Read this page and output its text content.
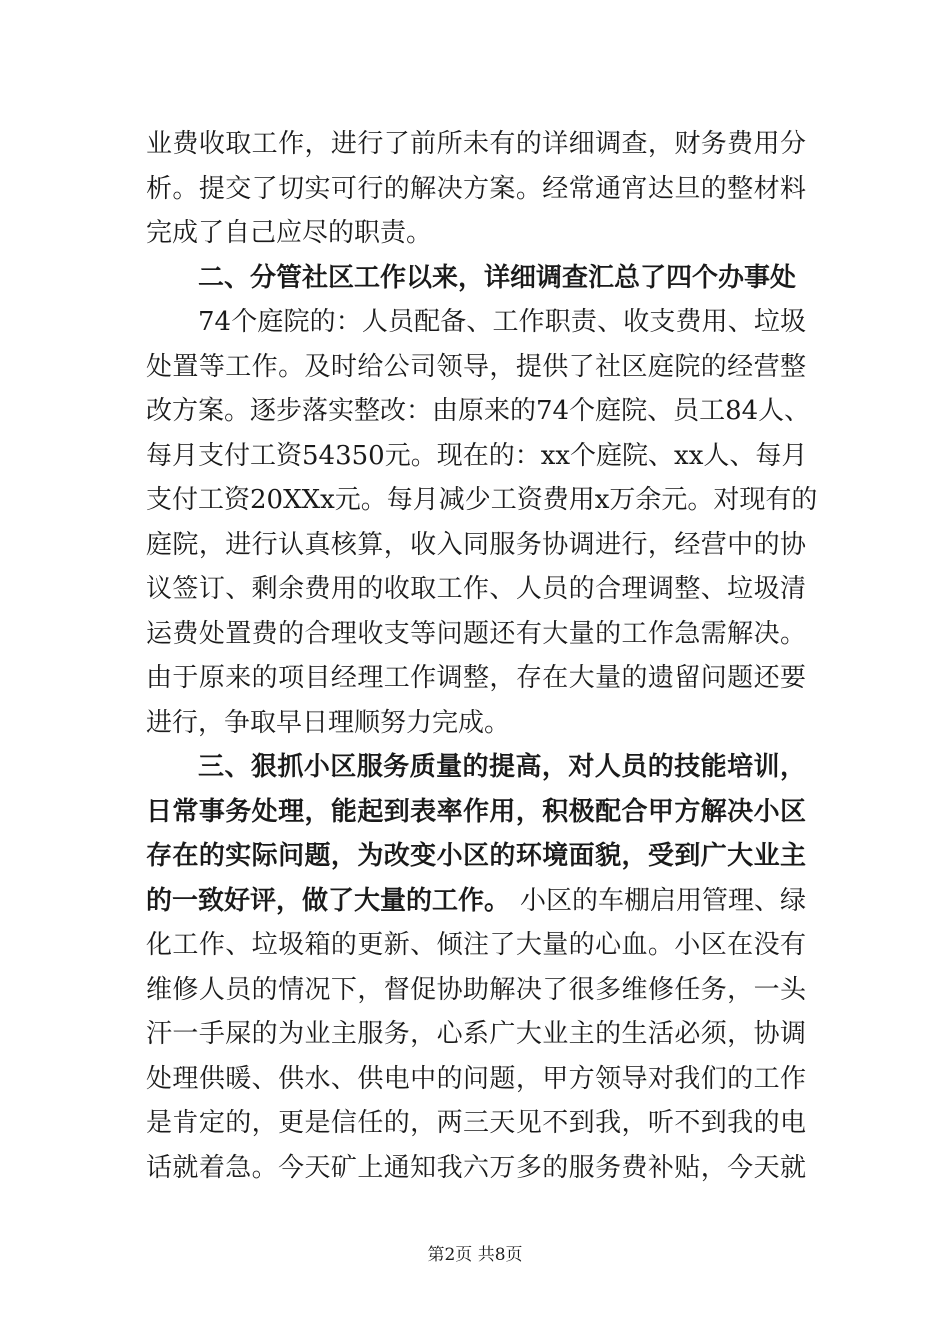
业费收取工作，进行了前所未有的详细调查，财务费用分
析。提交了切实可行的解决方案。经常通宵达旦的整材料
完成了自己应尽的职责。
二、分管社区工作以来，详细调查汇总了四个办事处
74个庭院的：人员配备、工作职责、收支费用、垃圾
处置等工作。及时给公司领导，提供了社区庭院的经营整
改方案。逐步落实整改：由原来的74个庭院、员工84人、
每月支付工资54350元。现在的：xx个庭院、xx人、每月
支付工资20XXx元。每月减少工资费用x万余元。对现有的
庭院，进行认真核算，收入同服务协调进行，经营中的协
议签订、剩余费用的收取工作、人员的合理调整、垃圾清
运费处置费的合理收支等问题还有大量的工作急需解决。
由于原来的项目经理工作调整，存在大量的遗留问题还要
进行，争取早日理顺努力完成。
三、狠抓小区服务质量的提高，对人员的技能培训，
日常事务处理，能起到表率作用，积极配合甲方解决小区
存在的实际问题，为改变小区的环境面貌，受到广大业主
的一致好评，做了大量的工作。 小区的车棚启用管理、绿
化工作、垃圾箱的更新、倾注了大量的心血。小区在没有
维修人员的情况下，督促协助解决了很多维修任务，一头
汗一手屎的为业主服务，心系广大业主的生活必须，协调
处理供暖、供水、供电中的问题，甲方领导对我们的工作
是肯定的，更是信任的，两三天见不到我，听不到我的电
话就着急。今天矿上通知我六万多的服务费补贴，今天就
第2页 共8页
